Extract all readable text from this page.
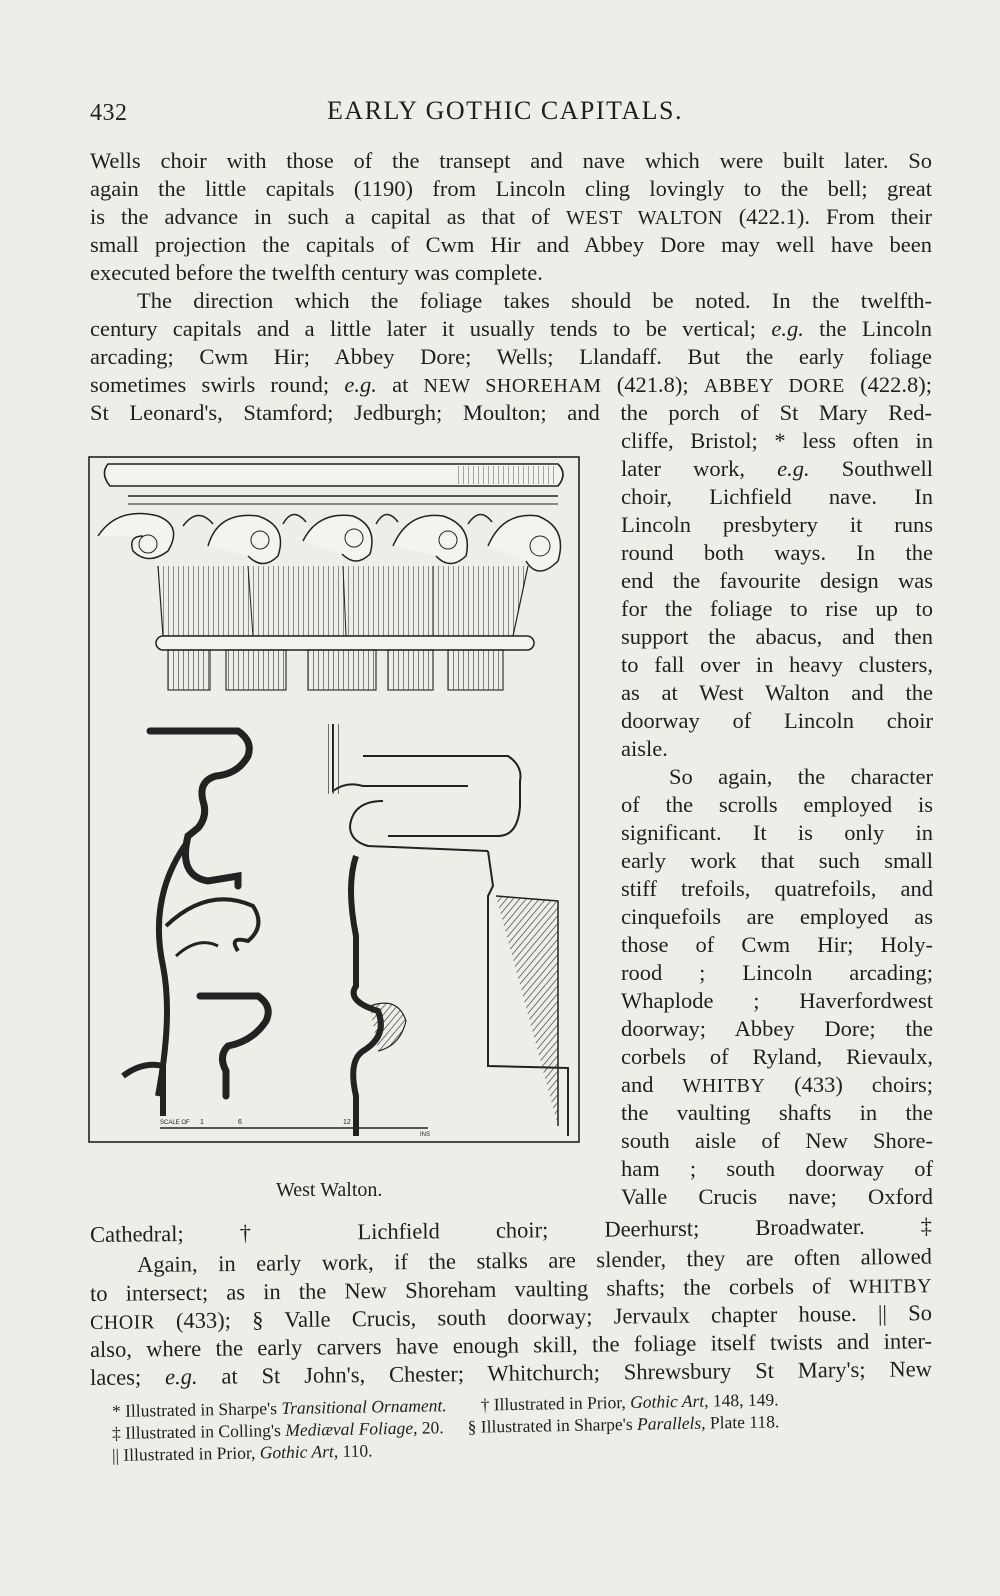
432	EARLY GOTHIC CAPITALS.
Wells choir with those of the transept and nave which were built later. So
again the little capitals (1190) from Lincoln cling lovingly to the bell; great
is the advance in such a capital as that of WEST WALTON (422.1). From their
small projection the capitals of Cwm Hir and Abbey Dore may well have been
executed before the twelfth century was complete.
The direction which the foliage takes should be noted. In the twelfth-
century capitals and a little later it usually tends to be vertical; e.g. the Lincoln
arcading; Cwm Hir; Abbey Dore; Wells; Llandaff. But the early foliage
sometimes swirls round; e.g. at NEW SHOREHAM (421.8); ABBEY DORE (422.8);
St Leonard's, Stamford; Jedburgh; Moulton; and the porch of St Mary Red-
cliffe, Bristol; * less often in
later work, e.g. Southwell
choir, Lichfield nave. In
Lincoln presbytery it runs
round both ways. In the
end the favourite design was
for the foliage to rise up to
support the abacus, and then
to fall over in heavy clusters,
as at West Walton and the
doorway of Lincoln choir
aisle.
So again, the character
of the scrolls employed is
significant. It is only in
early work that such small
stiff trefoils, quatrefoils, and
cinquefoils are employed as
those of Cwm Hir; Holy-
rood ; Lincoln arcading;
Whaplode ; Haverfordwest
doorway; Abbey Dore; the
corbels of Ryland, Rievaulx,
and WHITBY (433) choirs;
the vaulting shafts in the
south aisle of New Shore-
ham ; south doorway of
Valle Crucis nave; Oxford
Cathedral; † Lichfield choir; Deerhurst; Broadwater. ‡
Again, in early work, if the stalks are slender, they are often allowed
to intersect; as in the New Shoreham vaulting shafts; the corbels of WHITBY
CHOIR (433); § Valle Crucis, south doorway; Jervaulx chapter house. || So
also, where the early carvers have enough skill, the foliage itself twists and inter-
laces; e.g. at St John's, Chester; Whitchurch; Shrewsbury St Mary's; New
* Illustrated in Sharpe's Transitional Ornament. † Illustrated in Prior, Gothic Art, 148, 149.
‡ Illustrated in Colling's Mediæval Foliage, 20. § Illustrated in Sharpe's Parallels, Plate 118.
|| Illustrated in Prior, Gothic Art, 110.
SCALE OF 1	6	12
INS
West Walton.
